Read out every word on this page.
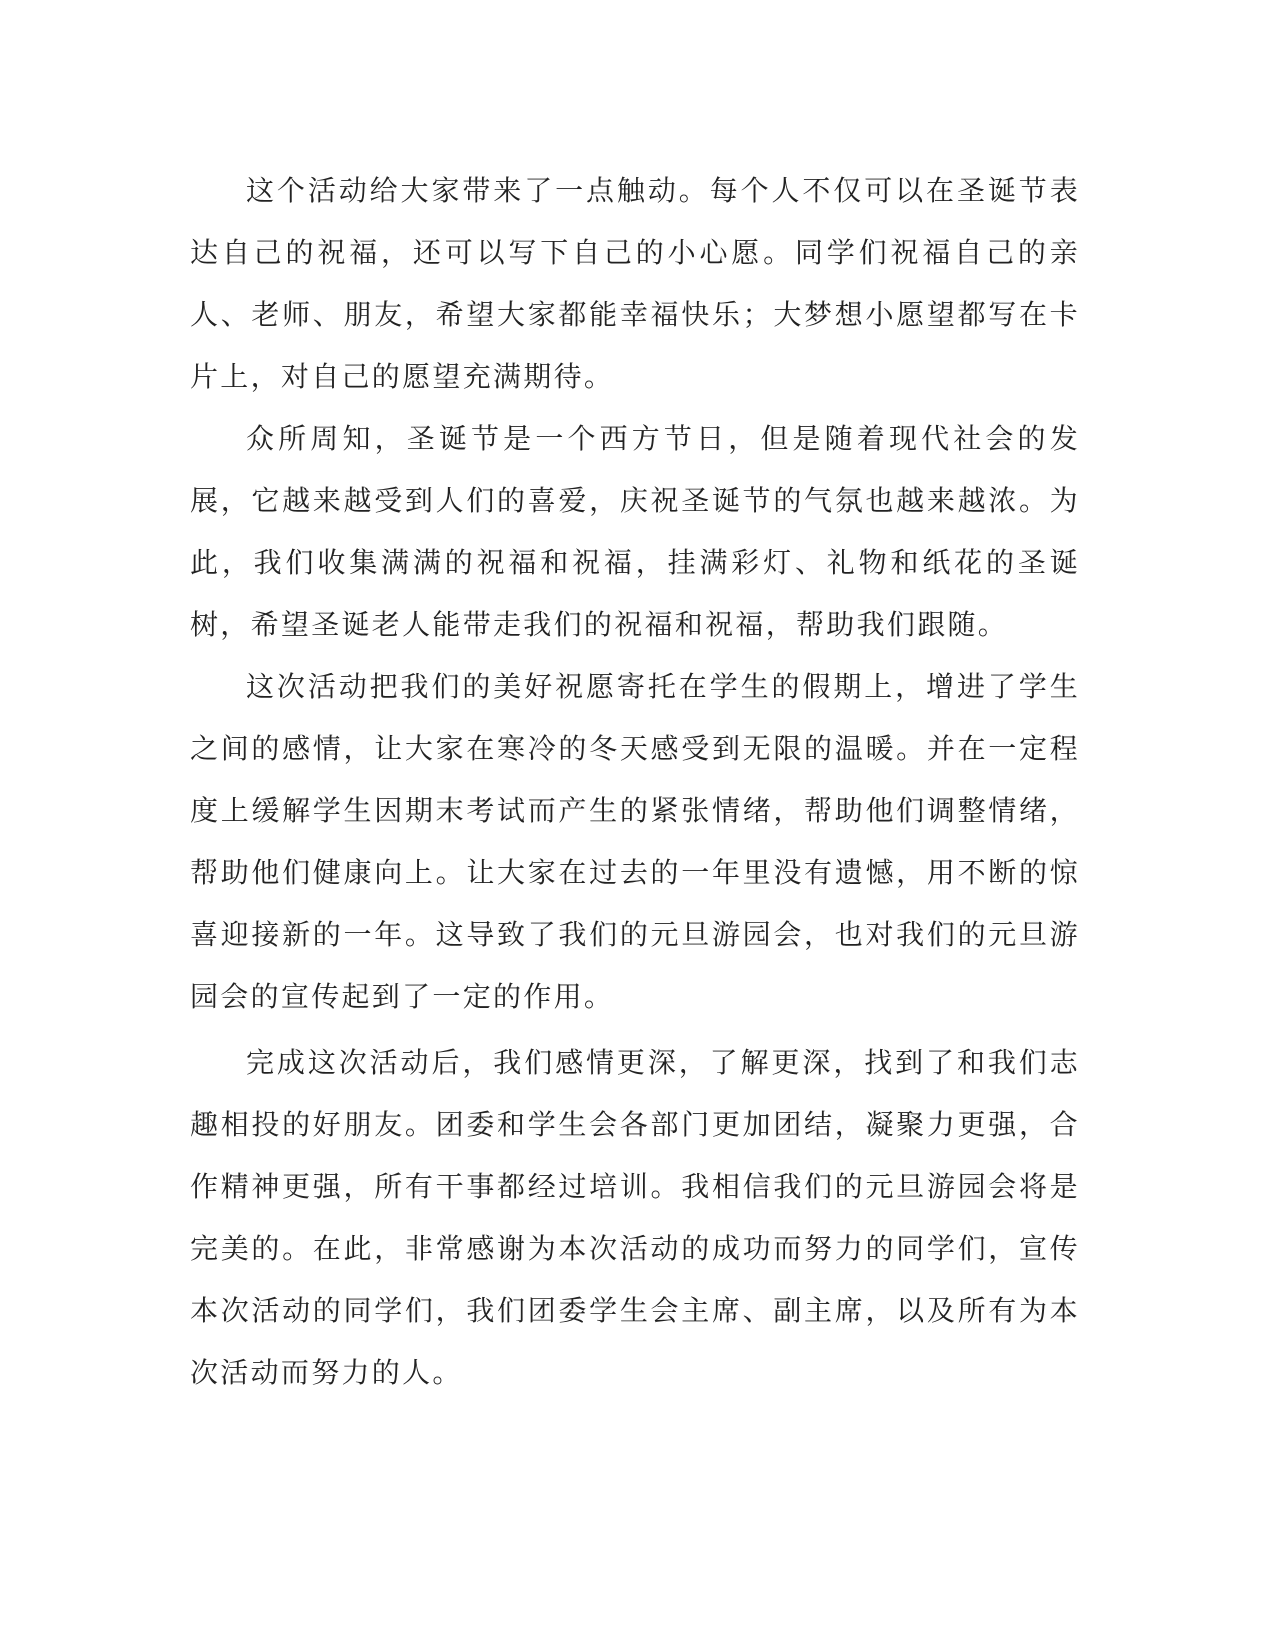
这个活动给大家带来了一点触动。每个人不仅可以在圣诞节表达自己的祝福，还可以写下自己的小心愿。同学们祝福自己的亲人、老师、朋友，希望大家都能幸福快乐；大梦想小愿望都写在卡片上，对自己的愿望充满期待。

众所周知，圣诞节是一个西方节日，但是随着现代社会的发展，它越来越受到人们的喜爱，庆祝圣诞节的气氛也越来越浓。为此，我们收集满满的祝福和祝福，挂满彩灯、礼物和纸花的圣诞树，希望圣诞老人能带走我们的祝福和祝福，帮助我们跟随。

这次活动把我们的美好祝愿寄托在学生的假期上，增进了学生之间的感情，让大家在寒冷的冬天感受到无限的温暖。并在一定程度上缓解学生因期末考试而产生的紧张情绪，帮助他们调整情绪，帮助他们健康向上。让大家在过去的一年里没有遗憾，用不断的惊喜迎接新的一年。这导致了我们的元旦游园会，也对我们的元旦游园会的宣传起到了一定的作用。

完成这次活动后，我们感情更深，了解更深，找到了和我们志趣相投的好朋友。团委和学生会各部门更加团结，凝聚力更强，合作精神更强，所有干事都经过培训。我相信我们的元旦游园会将是完美的。在此，非常感谢为本次活动的成功而努力的同学们，宣传本次活动的同学们，我们团委学生会主席、副主席，以及所有为本次活动而努力的人。
